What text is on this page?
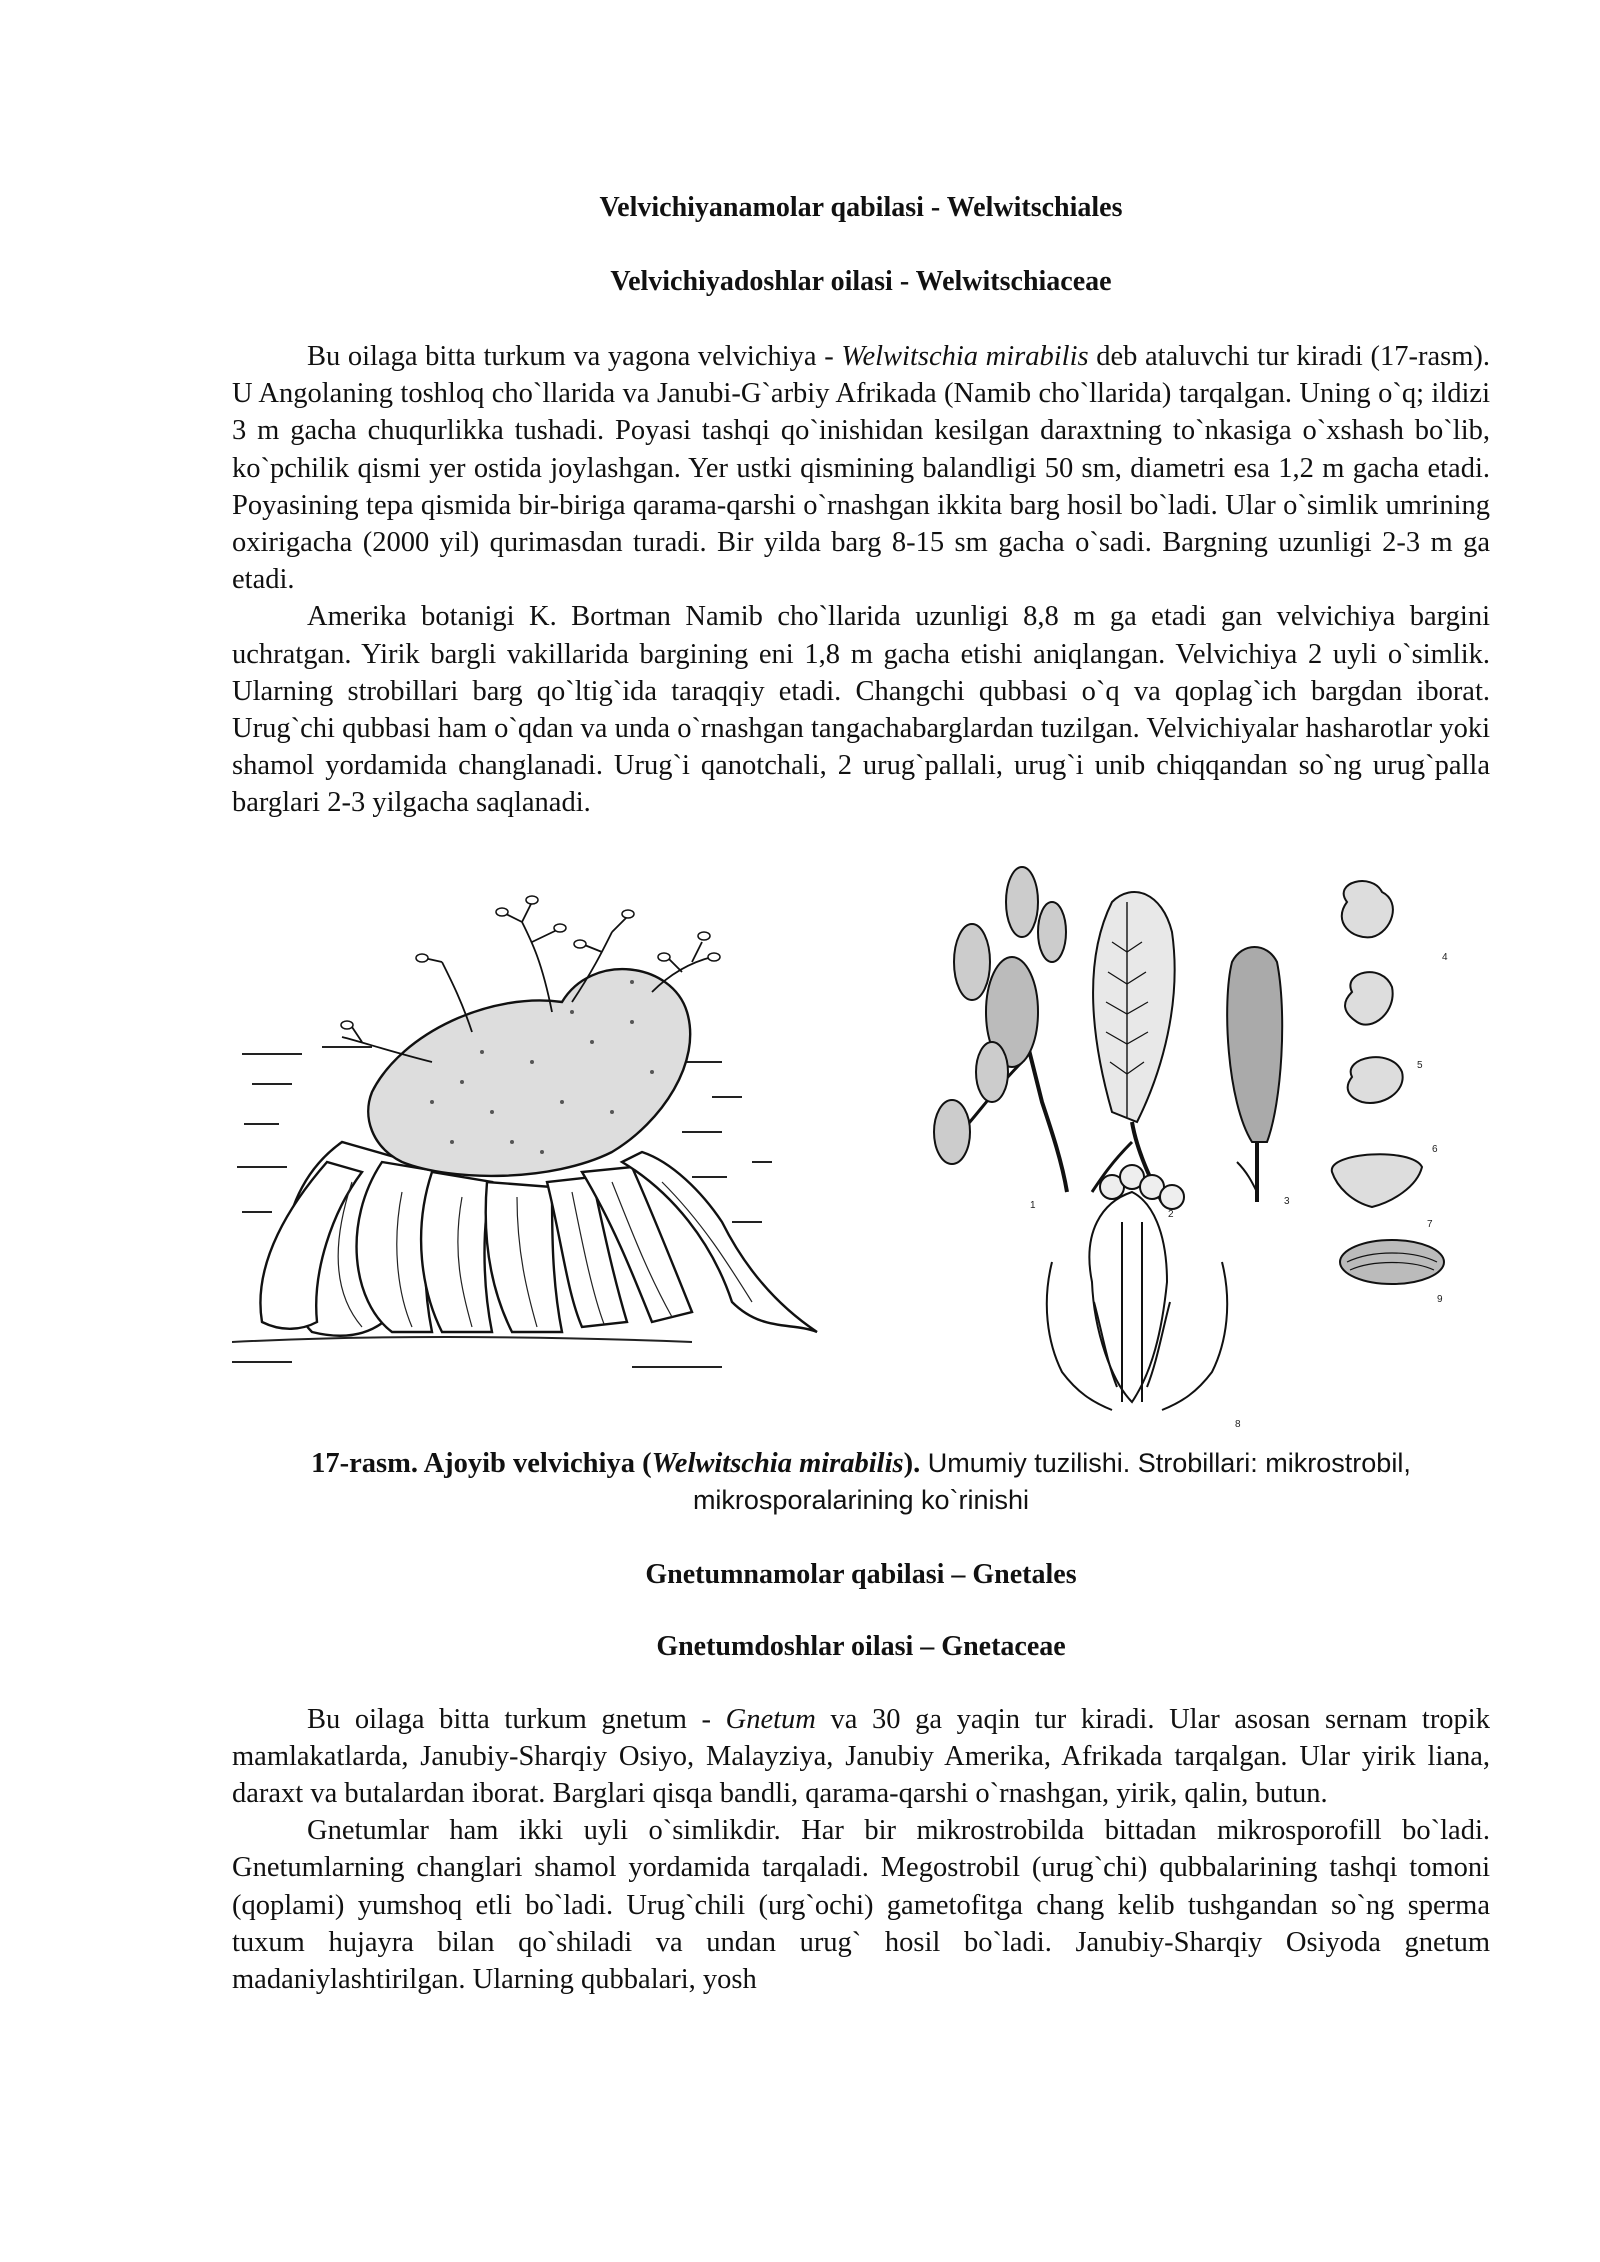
Velvichiyanamolar qabilasi - Welwitschiales

Velvichiyadoshlar oilasi - Welwitschiaceae

Bu oilaga bitta turkum va yagona velvichiya - Welwitschia mirabilis deb ataluvchi tur kiradi (17-rasm). U Angolaning toshloq cho`llarida va Janubi-G`arbiy Afrikada (Namib cho`llarida) tarqalgan. Uning o`q; ildizi 3 m gacha chuqurlikka tushadi. Poyasi tashqi qo`inishidan kesilgan daraxtning to`nkasiga o`xshash bo`lib, ko`pchilik qismi yer ostida joylashgan. Yer ustki qismining balandligi 50 sm, diametri esa 1,2 m gacha etadi. Poyasining tepa qismida bir-biriga qarama-qarshi o`rnashgan ikkita barg hosil bo`ladi. Ular o`simlik umrining oxirigacha (2000 yil) qurimasdan turadi. Bir yilda barg 8-15 sm gacha o`sadi. Bargning uzunligi 2-3 m ga etadi.

Amerika botanigi K. Bortman Namib cho`llarida uzunligi 8,8 m ga etadi gan velvichiya bargini uchratgan. Yirik bargli vakillarida bargining eni 1,8 m gacha etishi aniqlangan. Velvichiya 2 uyli o`simlik. Ularning strobillari barg qo`ltig`ida taraqqiy etadi. Changchi qubbasi o`q va qoplag`ich bargdan iborat. Urug`chi qubbasi ham o`qdan va unda o`rnashgan tangachabarglardan tuzilgan. Velvichiyalar hasharotlar yoki shamol yordamida changlanadi. Urug`i qanotchali, 2 urug`pallali, urug`i unib chiqqandan so`ng urug`palla barglari 2-3 yilgacha saqlanadi.

1
2
3
4
5
6
7
8
9

17-rasm. Ajoyib velvichiya (Welwitschia mirabilis). Umumiy tuzilishi. Strobillari: mikrostrobil, mikrosporalarining ko`rinishi

Gnetumnamolar qabilasi – Gnetales

Gnetumdoshlar oilasi – Gnetaceae

Bu oilaga bitta turkum gnetum - Gnetum va 30 ga yaqin tur kiradi. Ular asosan sernam tropik mamlakatlarda, Janubiy-Sharqiy Osiyo, Malayziya, Janubiy Amerika, Afrikada tarqalgan. Ular yirik liana, daraxt va butalardan iborat. Barglari qisqa bandli, qarama-qarshi o`rnashgan, yirik, qalin, butun.

Gnetumlar ham ikki uyli o`simlikdir. Har bir mikrostrobilda bittadan mikrosporofill bo`ladi. Gnetumlarning changlari shamol yordamida tarqaladi. Megostrobil (urug`chi) qubbalarining tashqi tomoni (qoplami) yumshoq etli bo`ladi. Urug`chili (urg`ochi) gametofitga chang kelib tushgandan so`ng sperma tuxum hujayra bilan qo`shiladi va undan urug` hosil bo`ladi. Janubiy-Sharqiy Osiyoda gnetum madaniylashtirilgan. Ularning qubbalari, yosh
